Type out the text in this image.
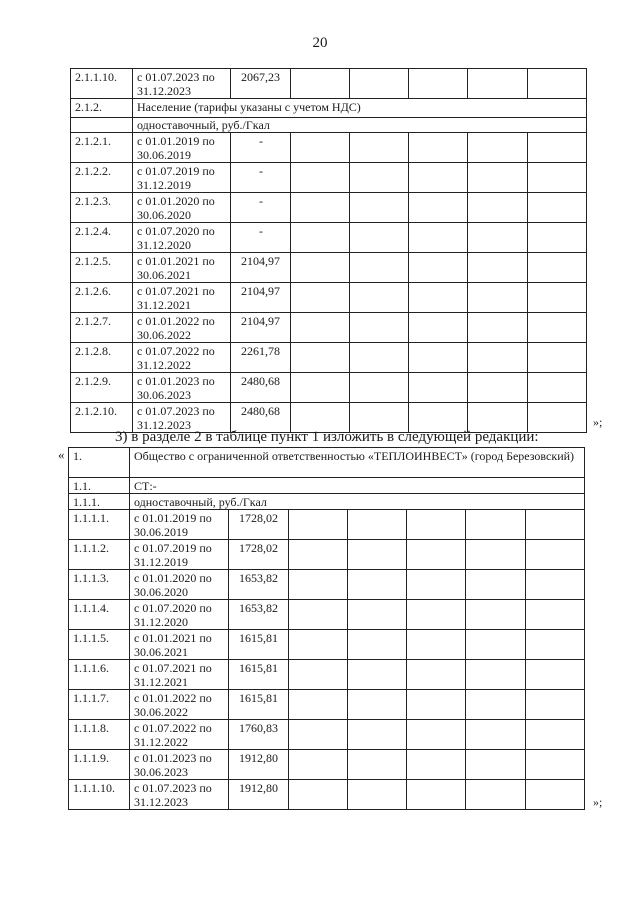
20
2.1.1.10.	с 01.07.2023 по 31.12.2023	2067,23					
2.1.2.	Население (тарифы указаны с учетом НДС)						
	одноставочный, руб./Гкал						
2.1.2.1.	с 01.01.2019 по 30.06.2019	-					
2.1.2.2.	с 01.07.2019 по 31.12.2019	-					
2.1.2.3.	с 01.01.2020 по 30.06.2020	-					
2.1.2.4.	с 01.07.2020 по 31.12.2020	-					
2.1.2.5.	с 01.01.2021 по 30.06.2021	2104,97					
2.1.2.6.	с 01.07.2021 по 31.12.2021	2104,97					
2.1.2.7.	с 01.01.2022 по 30.06.2022	2104,97					
2.1.2.8.	с 01.07.2022 по 31.12.2022	2261,78					
2.1.2.9.	с 01.01.2023 по 30.06.2023	2480,68					
2.1.2.10.	с 01.07.2023 по 31.12.2023	2480,68					
»;
3) в разделе 2 в таблице пункт 1 изложить в следующей редакции:
« 1.	Общество с ограниченной ответственностью «ТЕПЛОИНВЕСТ» (город Березовский)						
1.1.	СТ:-						
1.1.1.	одноставочный, руб./Гкал						
1.1.1.1.	с 01.01.2019 по 30.06.2019	1728,02					
1.1.1.2.	с 01.07.2019 по 31.12.2019	1728,02					
1.1.1.3.	с 01.01.2020 по 30.06.2020	1653,82					
1.1.1.4.	с 01.07.2020 по 31.12.2020	1653,82					
1.1.1.5.	с 01.01.2021 по 30.06.2021	1615,81					
1.1.1.6.	с 01.07.2021 по 31.12.2021	1615,81					
1.1.1.7.	с 01.01.2022 по 30.06.2022	1615,81					
1.1.1.8.	с 01.07.2022 по 31.12.2022	1760,83					
1.1.1.9.	с 01.01.2023 по 30.06.2023	1912,80					
1.1.1.10.	с 01.07.2023 по 31.12.2023	1912,80					
»;
